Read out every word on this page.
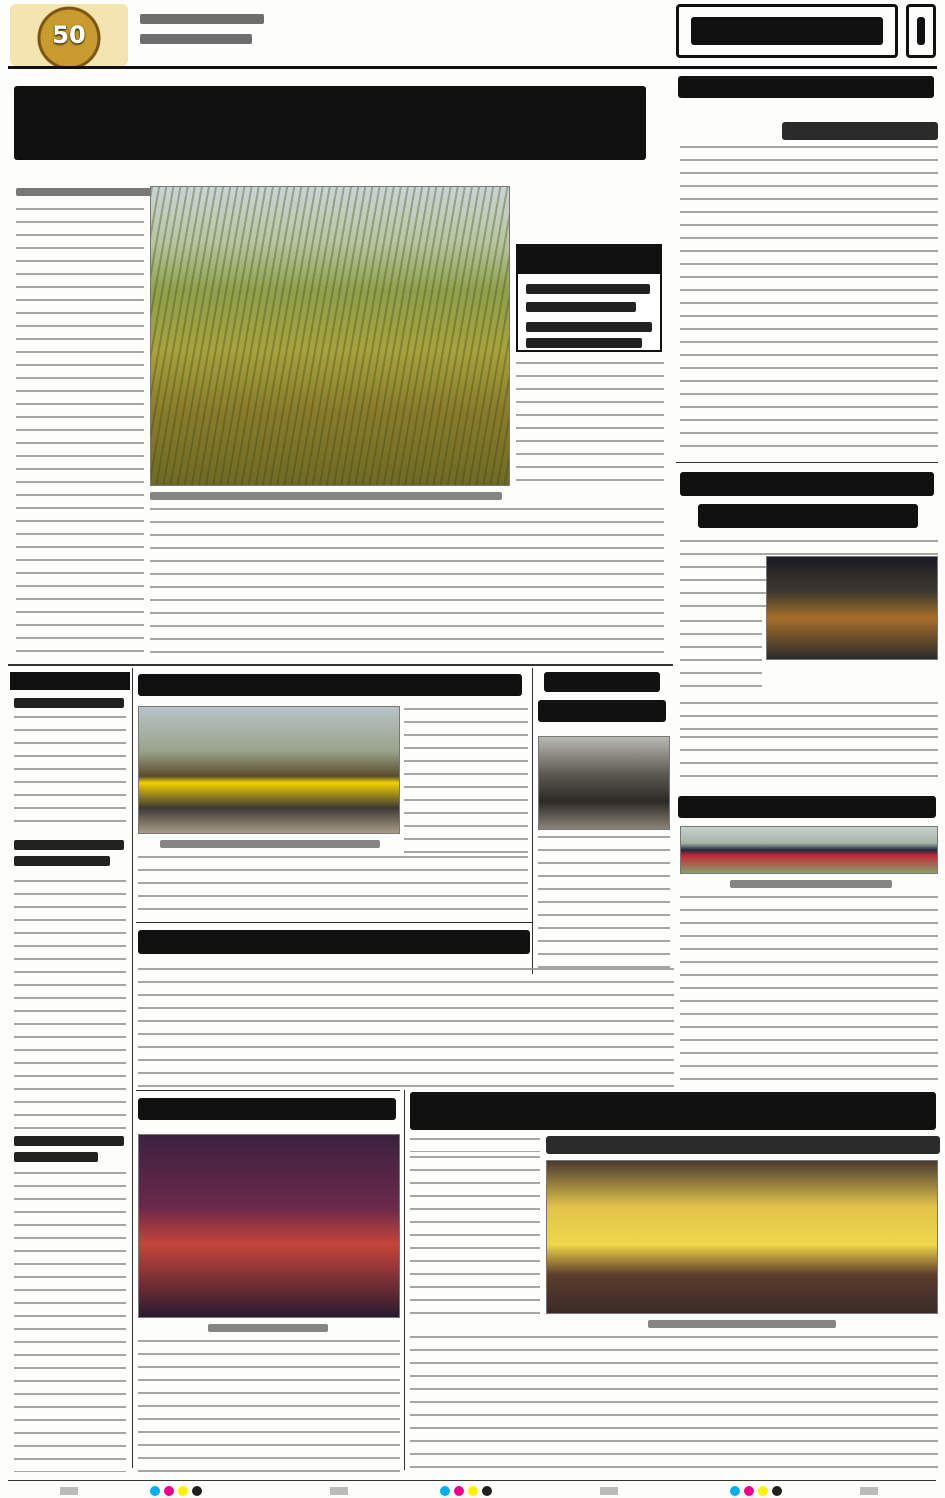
50
